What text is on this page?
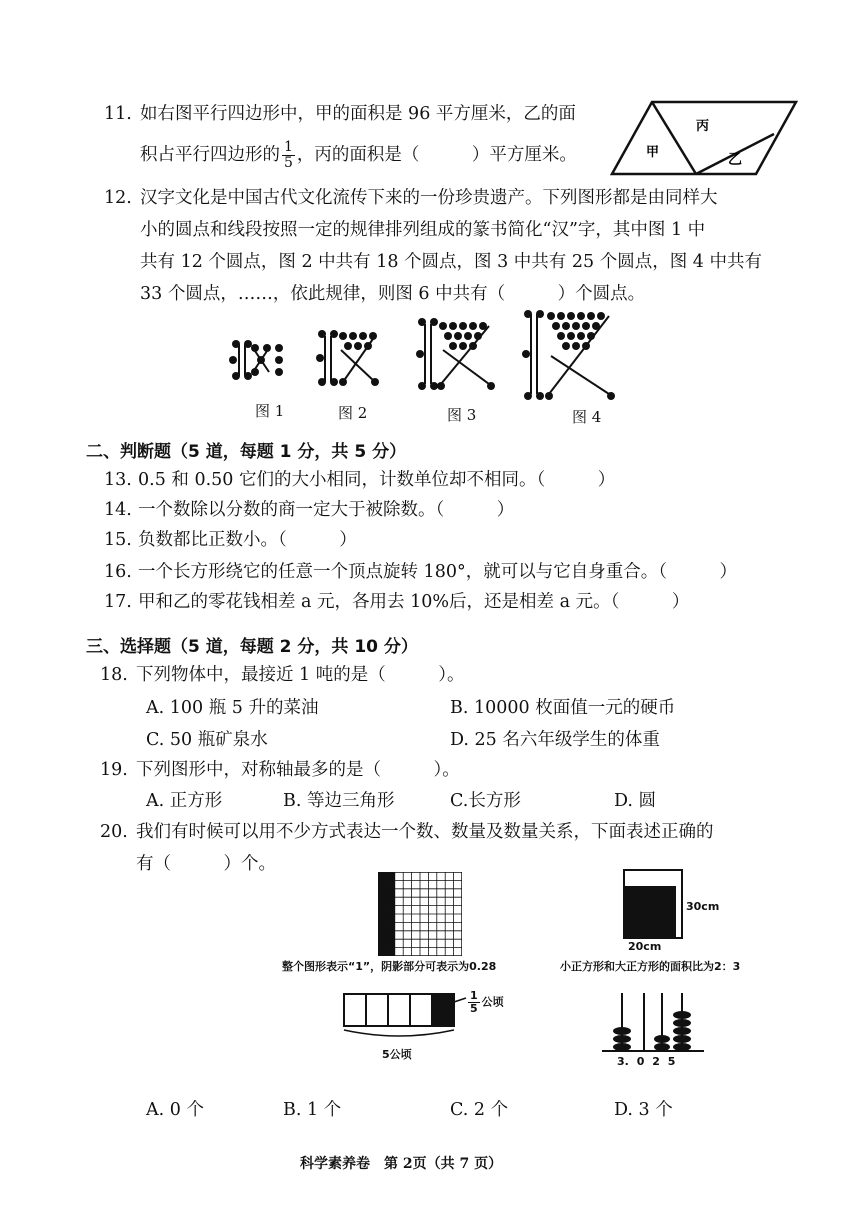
11. 如右图平行四边形中，甲的面积是 96 平方厘米，乙的面
积占平行四边形的 $\frac{1}{5}$ ，丙的面积是（　　　）平方厘米。	甲
丙
乙
12. 汉字文化是中国古代文化流传下来的一份珍贵遗产。下列图形都是由同样大
小的圆点和线段按照一定的规律排列组成的篆书简化“汉”字，其中图 1 中
共有 12 个圆点，图 2 中共有 18 个圆点，图 3 中共有 25 个圆点，图 4 中共有
33 个圆点，……，依此规律，则图 6 中共有（　　　）个圆点。
图 1	图 2	图 3	图 4
二、判断题（5 道，每题 1 分，共 5 分）
13. 0.5 和 0.50 它们的大小相同，计数单位却不相同。（　　　）
14. 一个数除以分数的商一定大于被除数。（　　　）
15. 负数都比正数小。（　　　）
16. 一个长方形绕它的任意一个顶点旋转 180°，就可以与它自身重合。（　　　）
17. 甲和乙的零花钱相差 a 元，各用去 10%后，还是相差 a 元。（　　　）
三、选择题（5 道，每题 2 分，共 10 分）
18. 下列物体中，最接近 1 吨的是（　　　）。
A. 100 瓶 5 升的菜油	B. 10000 枚面值一元的硬币
C. 50 瓶矿泉水	D. 25 名六年级学生的体重
19. 下列图形中，对称轴最多的是（　　　）。
A. 正方形	B. 等边三角形	C.长方形	D. 圆
20. 我们有时候可以用不少方式表达一个数、数量及数量关系，下面表述正确的
有（　　　）个。
整个图形表示“1”，阴影部分可表示为0.28
30cm
20cm
小正方形和大正方形的面积比为2：3
$\frac{1}{5}$ 公顷
5公顷
3. 0 2 5
A. 0 个	B. 1 个	C. 2 个	D. 3 个
科学素养卷　第 2页（共 7 页）
